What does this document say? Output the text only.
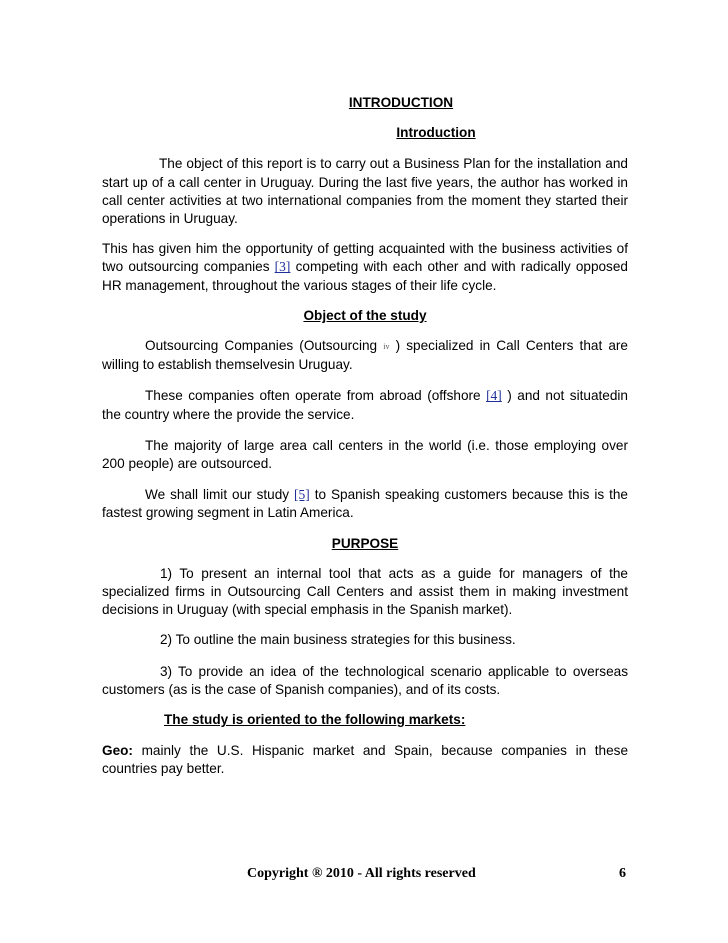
INTRODUCTION
Introduction
The object of this report is to carry out a Business Plan for the installation and start up of a call center in Uruguay. During the last five years, the author has worked in call center activities at two international companies from the moment they started their operations in Uruguay.
This has given him the opportunity of getting acquainted with the business activities of two outsourcing companies [3] competing with each other and with radically opposed HR management, throughout the various stages of their life cycle.
Object of the study
Outsourcing Companies (Outsourcing iv ) specialized in Call Centers that are willing to establish themselvesin Uruguay.
These companies often operate from abroad (offshore [4] ) and not situatedin the country where the provide the service.
The majority of large area call centers in the world (i.e. those employing over 200 people) are outsourced.
We shall limit our study [5] to Spanish speaking customers because this is the fastest growing segment in Latin America.
PURPOSE
1) To present an internal tool that acts as a guide for managers of the specialized firms in Outsourcing Call Centers and assist them in making investment decisions in Uruguay (with special emphasis in the Spanish market).
2) To outline the main business strategies for this business.
3) To provide an idea of the technological scenario applicable to overseas customers (as is the case of Spanish companies), and of its costs.
The study is oriented to the following markets:
Geo: mainly the U.S. Hispanic market and Spain, because companies in these countries pay better.
Copyright ® 2010 - All rights reserved	6
